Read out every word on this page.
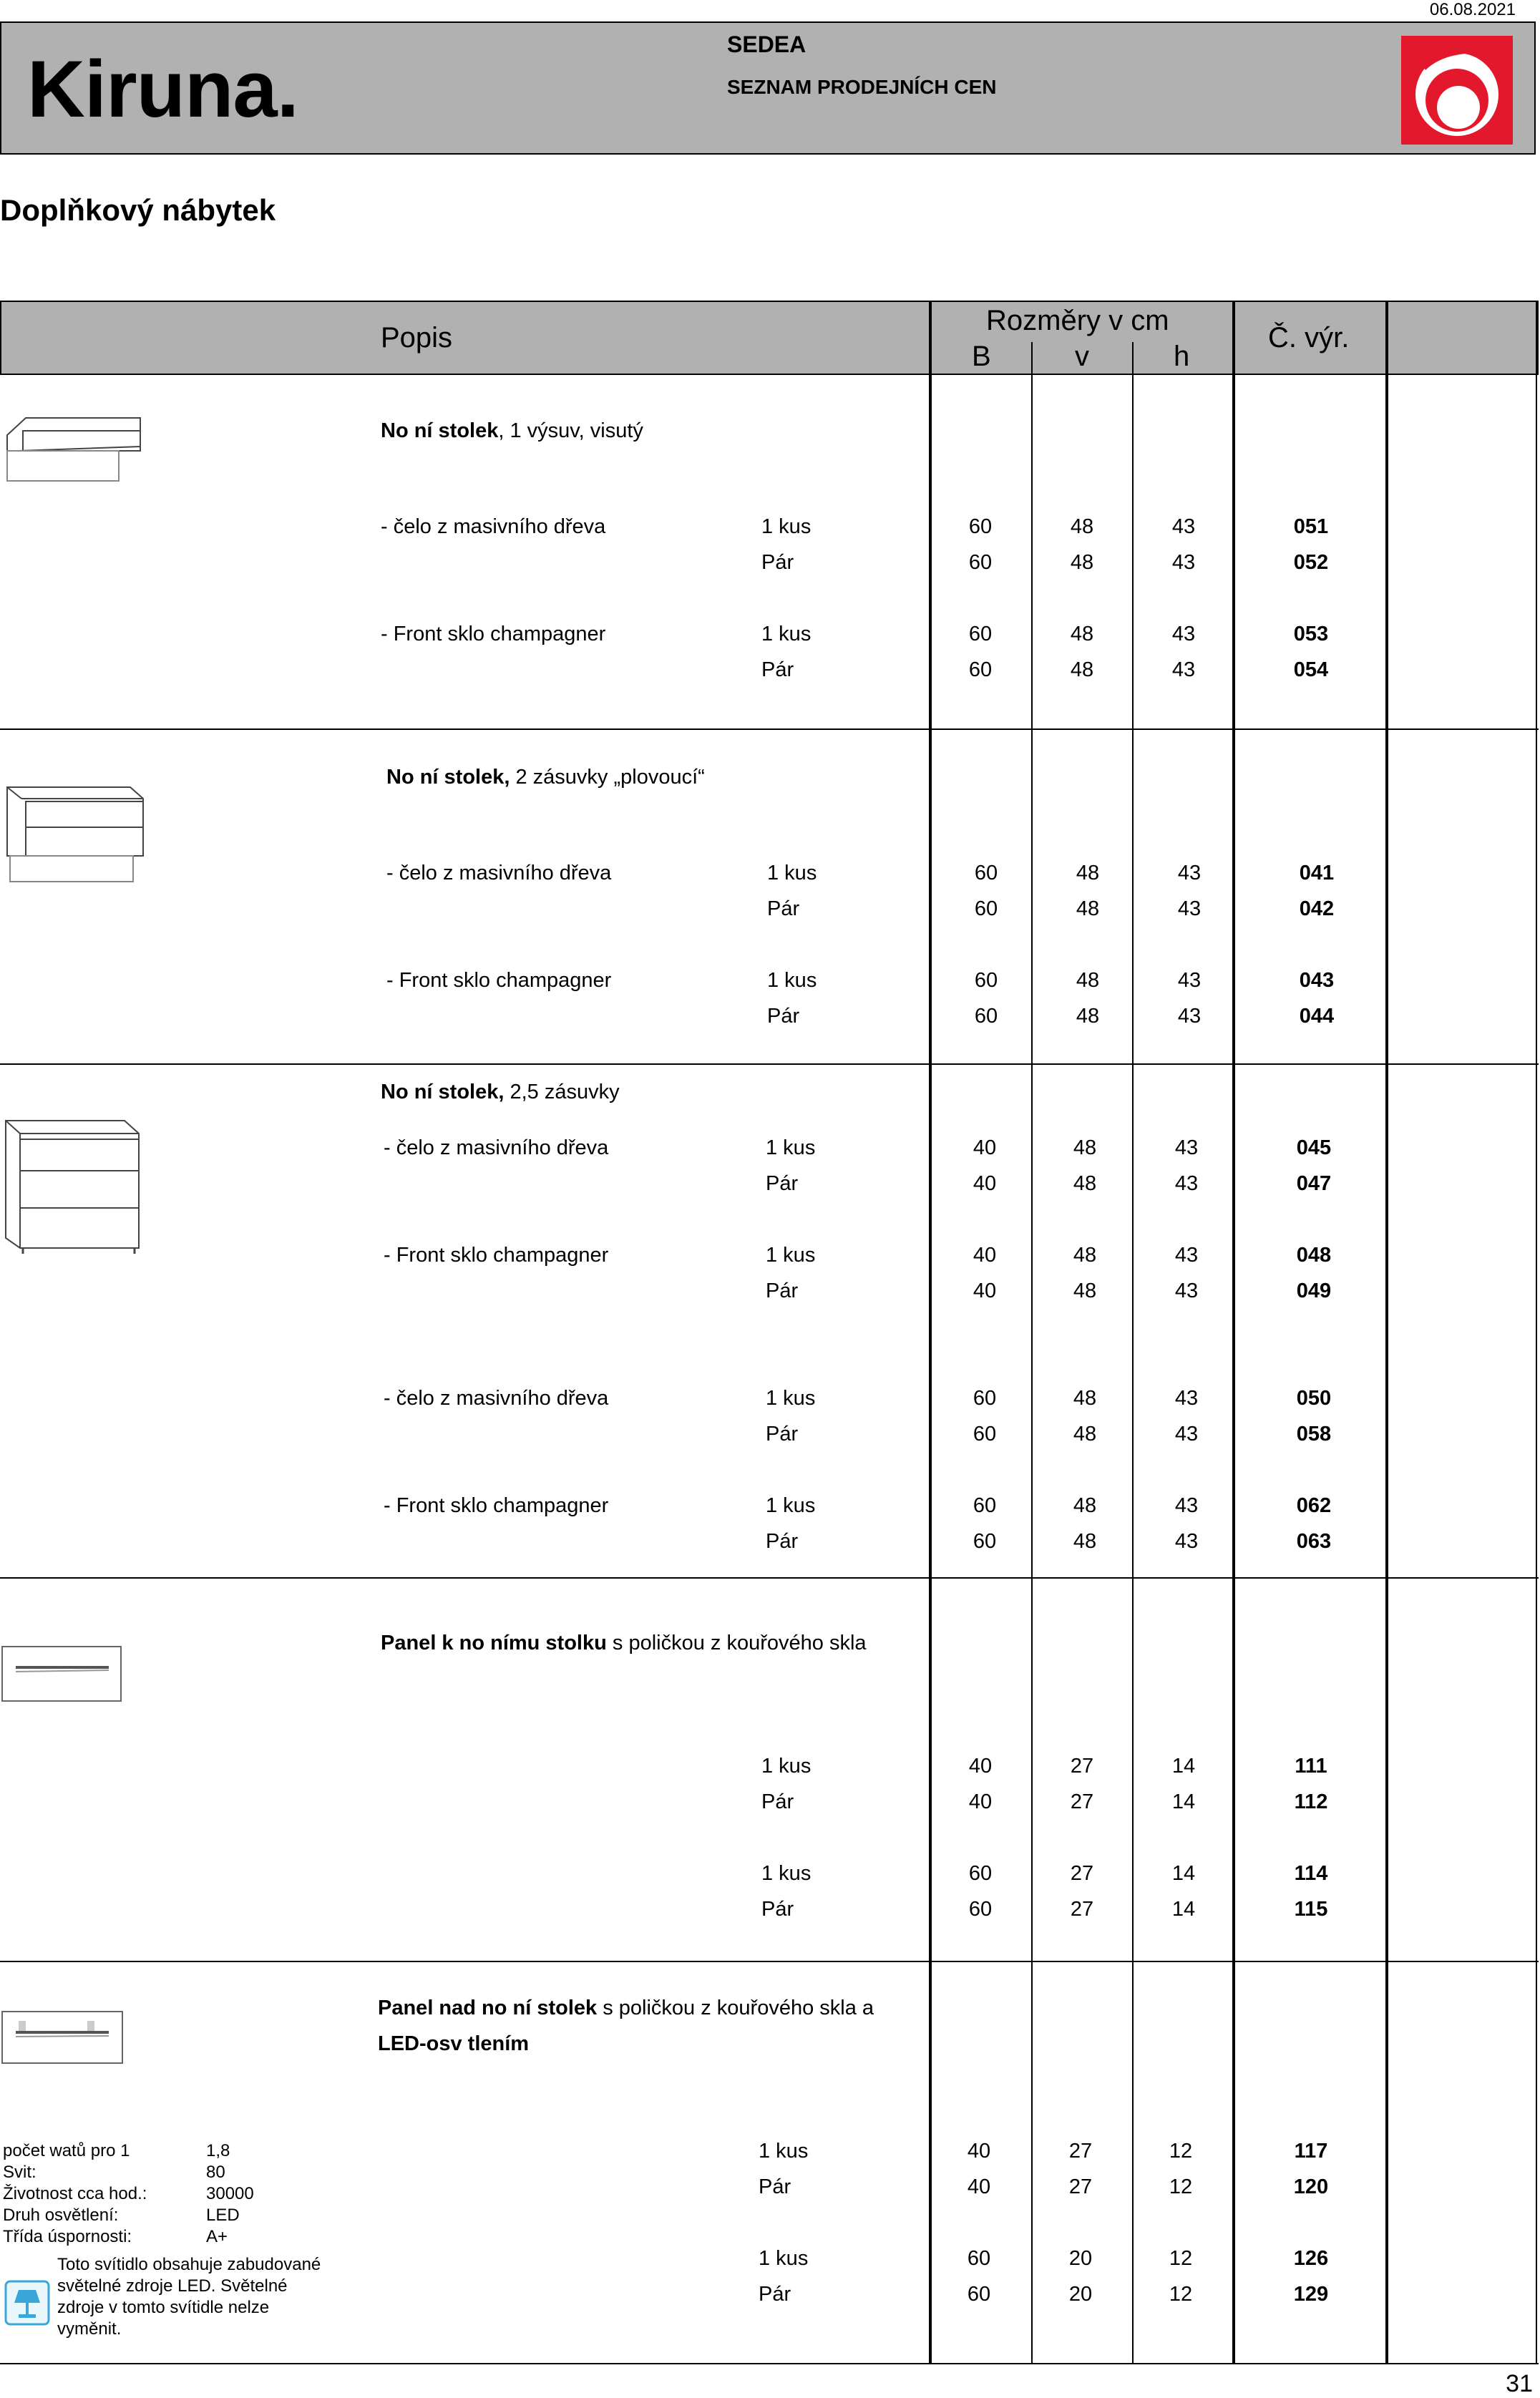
06.08.2021
Kiruna.	SEDEA
SEZNAM PRODEJNÍCH CEN
Doplňkový nábytek
Popis
Rozměry v cm
B	v	h
Č. výr.
No ní stolek, 1 výsuv, visutý
- čelo z masivního dřeva	1 kus	60	48	43	051
Pár	60	48	43	052
- Front sklo champagner	1 kus	60	48	43	053
Pár	60	48	43	054
No ní stolek, 2 zásuvky „plovoucí“
- čelo z masivního dřeva	1 kus	60	48	43	041
Pár	60	48	43	042
- Front sklo champagner	1 kus	60	48	43	043
Pár	60	48	43	044
No ní stolek, 2,5 zásuvky
- čelo z masivního dřeva	1 kus	40	48	43	045
Pár	40	48	43	047
- Front sklo champagner	1 kus	40	48	43	048
Pár	40	48	43	049
- čelo z masivního dřeva	1 kus	60	48	43	050
Pár	60	48	43	058
- Front sklo champagner	1 kus	60	48	43	062
Pár	60	48	43	063
Panel k no nímu stolku s poličkou z kouřového skla
1 kus	40	27	14	111
Pár	40	27	14	112
1 kus	60	27	14	114
Pár	60	27	14	115
Panel nad no ní stolek s poličkou z kouřového skla a
LED-osv tlením
1 kus	40	27	12	117
Pár	40	27	12	120
1 kus	60	20	12	126
Pár	60	20	12	129
počet watů pro 1	1,8
Svit:	80
Životnost cca hod.:	30000
Druh osvětlení:	LED
Třída úspornosti:	A+
Toto svítidlo obsahuje zabudované
světelné zdroje LED. Světelné
zdroje v tomto svítidle nelze
vyměnit.
31
